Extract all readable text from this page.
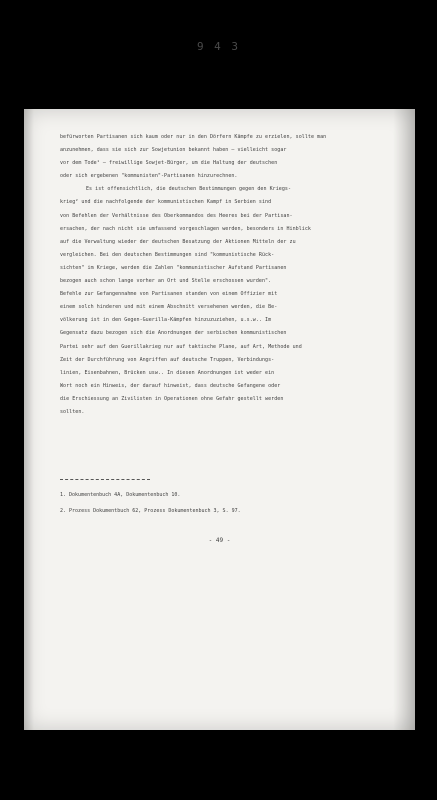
9 4 3
befürworten Partisanen sich kaum oder nur in den Dörfern Kämpfe zu erzielen, sollte man
anzunehmen, dass sie sich zur Sowjetunion bekannt haben – vielleicht sogar
vor dem Tode¹ – freiwillige Sowjet-Bürger, um die Haltung der deutschen
oder sich ergebenen "kommunisten"-Partisanen hinzurechnen.
Es ist offensichtlich, die deutschen Bestimmungen gegen den Kriegs-
krieg² und die nachfolgende der kommunistischen Kampf in Serbien sind
von Befehlen der Verhältnisse des Oberkommandos des Heeres bei der Partisan-
ersachen, der nach nicht sie umfassend vorgeschlagen werden, besonders in Hinblick
auf die Verwaltung wieder der deutschen Besatzung der Aktionen Mitteln der zu
vergleichen. Bei den deutschen Bestimmungen sind "kommunistische Rück-
sichten" im Kriege, werden die Zahlen "kommunistischer Aufstand Partisanen
bezogen auch schon lange vorher an Ort und Stelle erschossen wurden".
Befehle zur Gefangennahme von Partisanen standen von einem Offizier mit
einem solch hinderen und mit einem Abschnitt versehenen werden, die Be-
völkerung ist in den Gegen-Guerilla-Kämpfen hinzuzuziehen, u.s.w.. Im
Gegensatz dazu bezogen sich die Anordnungen der serbischen kommunistischen
Partei sehr auf den Guerillakrieg nur auf taktische Plane, auf Art, Methode und
Zeit der Durchführung von Angriffen auf deutsche Truppen, Verbindungs-
linien, Eisenbahnen, Brücken usw.. In diesen Anordnungen ist weder ein
Wort noch ein Hinweis, der darauf hinweist, dass deutsche Gefangene oder
die Erschiessung an Zivilisten in Operationen ohne Gefahr gestellt werden
sollten.
1. Dokumentenbuch 4A, Dokumentenbuch 10.
2. Prozess Dokumentbuch 62, Prozess Dokumentenbuch 3, S. 97.
- 49 -
